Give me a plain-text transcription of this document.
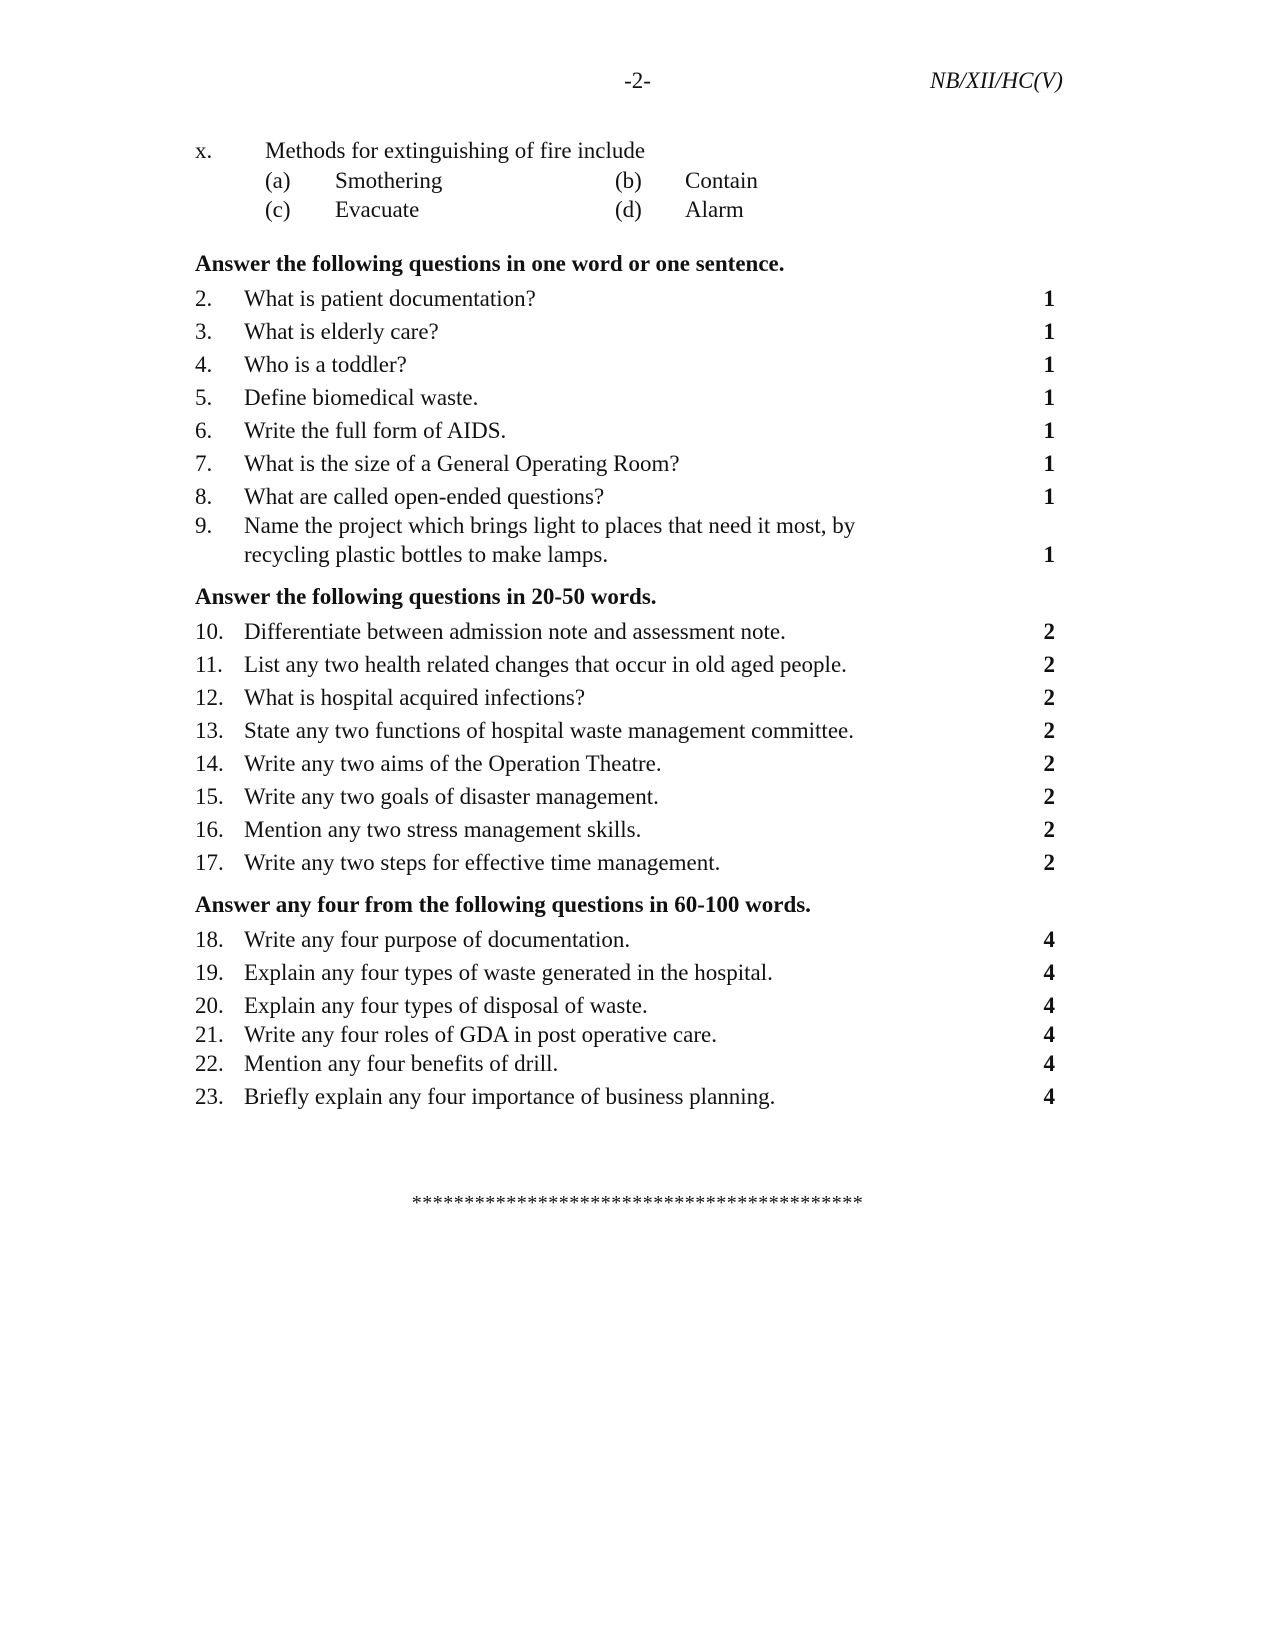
-2-	NB/XII/HC(V)
x.	Methods for extinguishing of fire include
(a)	Smothering	(b)	Contain
(c)	Evacuate	(d)	Alarm
Answer the following questions in one word or one sentence.
2.	What is patient documentation?	1
3.	What is elderly care?	1
4.	Who is a toddler?	1
5.	Define biomedical waste.	1
6.	Write the full form of AIDS.	1
7.	What is the size of a General Operating Room?	1
8.	What are called open-ended questions?	1
9.	Name the project which brings light to places that need it most, by recycling plastic bottles to make lamps.	1
Answer the following questions in 20-50 words.
10. Differentiate between admission note and assessment note.	2
11. List any two health related changes that occur in old aged people.	2
12. What is hospital acquired infections?	2
13. State any two functions of hospital waste management committee.	2
14. Write any two aims of the Operation Theatre.	2
15. Write any two goals of disaster management.	2
16. Mention any two stress management skills.	2
17. Write any two steps for effective time management.	2
Answer any four from the following questions in 60-100 words.
18. Write any four purpose of documentation.	4
19. Explain any four types of waste generated in the hospital.	4
20. Explain any four types of disposal of waste.	4
21. Write any four roles of GDA in post operative care.	4
22. Mention any four benefits of drill.	4
23. Briefly explain any four importance of business planning.	4
*******************************************
